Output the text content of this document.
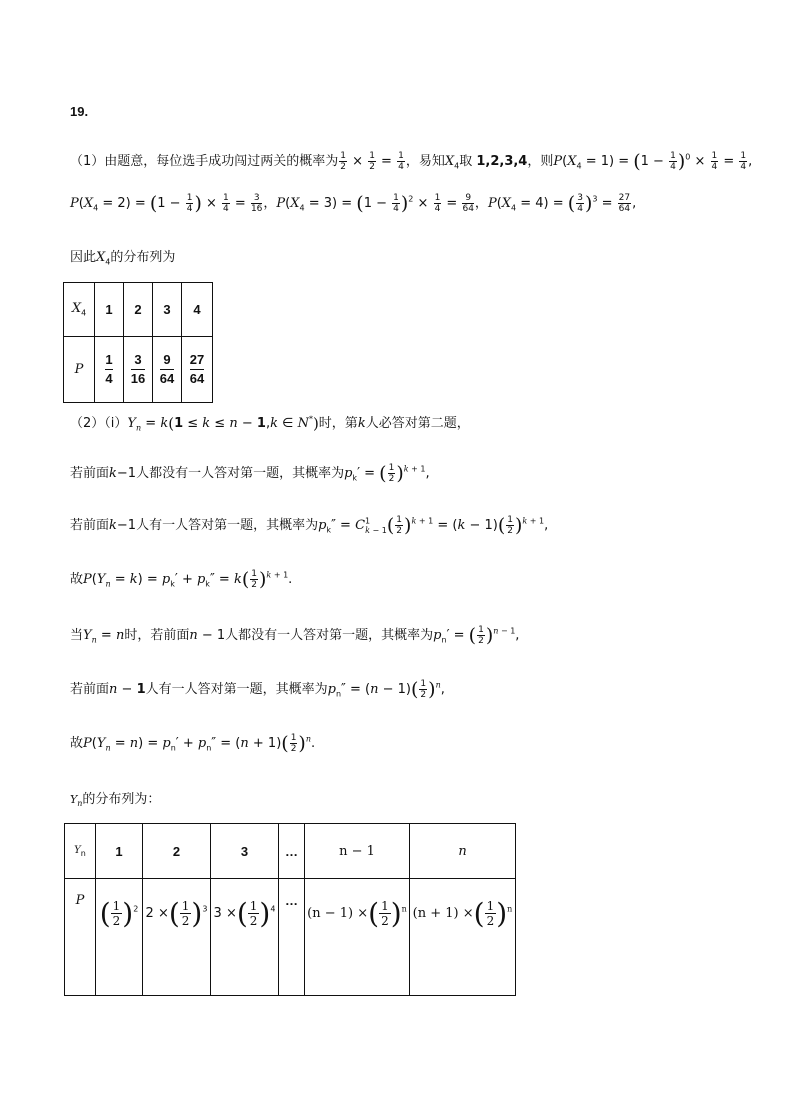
19.
（1）由题意，每位选手成功闯过两关的概率为 $\frac{1}{2} \times \frac{1}{2} = \frac{1}{4}$ ，易知$X_4$取 1,2,3,4，则$P(X_4 = 1) = (1 - \frac{1}{4} )^0 \times \frac{1}{4} = \frac{1}{4}$ ,
$P(X_4 = 2) = (1 - \frac{1}{4}$ ) × $\frac{1}{4} = \frac{3}{16}$ ，$P(X_4 = 3) = (1 - \frac{1}{4} )^2 \times \frac{1}{4} = \frac{9}{64}$ ，$P(X_4 = 4)$ = ( $\frac{3}{4} )^3 = \frac{27}{64}$ ,
因此$X_4$的分布列为
$X_4$	1	2	3	4
P	$\frac{1}{4}$	$\frac{3}{16}$	$\frac{9}{64}$	$\frac{27}{64}$
$(2)(i)Y_n = k(1 \le k \le n - 1,k$ ∈ N*)时，第k人必答对第二题，
若前面k−1人都没有一人答对第一题，其概率为$p_k'$ = ( $\frac{1}{2} )^{k + 1}$,
若前面k−1人有一人答对第一题，其概率为$p_k'' = C^1_{k - 1}( \frac{1}{2} )^{k + 1} = (k - 1)( \frac{1}{2} )^{k + 1}$,
故$P(Y_n = k) = p_k' + p_k'' = k( \frac{1}{2} )^{k + 1}$.
当$Y_n = n$时，若前面n − 1人都没有一人答对第一题，其概率为$p_n'$ = ( $\frac{1}{2} )^{n - 1}$,
若前面n − 1人有一人答对第一题，其概率为$p_n'' = (n - 1)( \frac{1}{2} )^n$,
故$P(Y_n = n) = p_n' + p_n'' = (n + 1)( \frac{1}{2} )^n$.
$Y_n$的分布列为：
$Y_n$	1	2	3	…	n − 1	n
P	( $\frac{1}{2} )^2$	2 ×( $\frac{1}{2} )^3$	3 ×( $\frac{1}{2} )^4$	…	(n − 1) ×( $\frac{1}{2} )^n$	(n + 1) ×( $\frac{1}{2} )^n$
